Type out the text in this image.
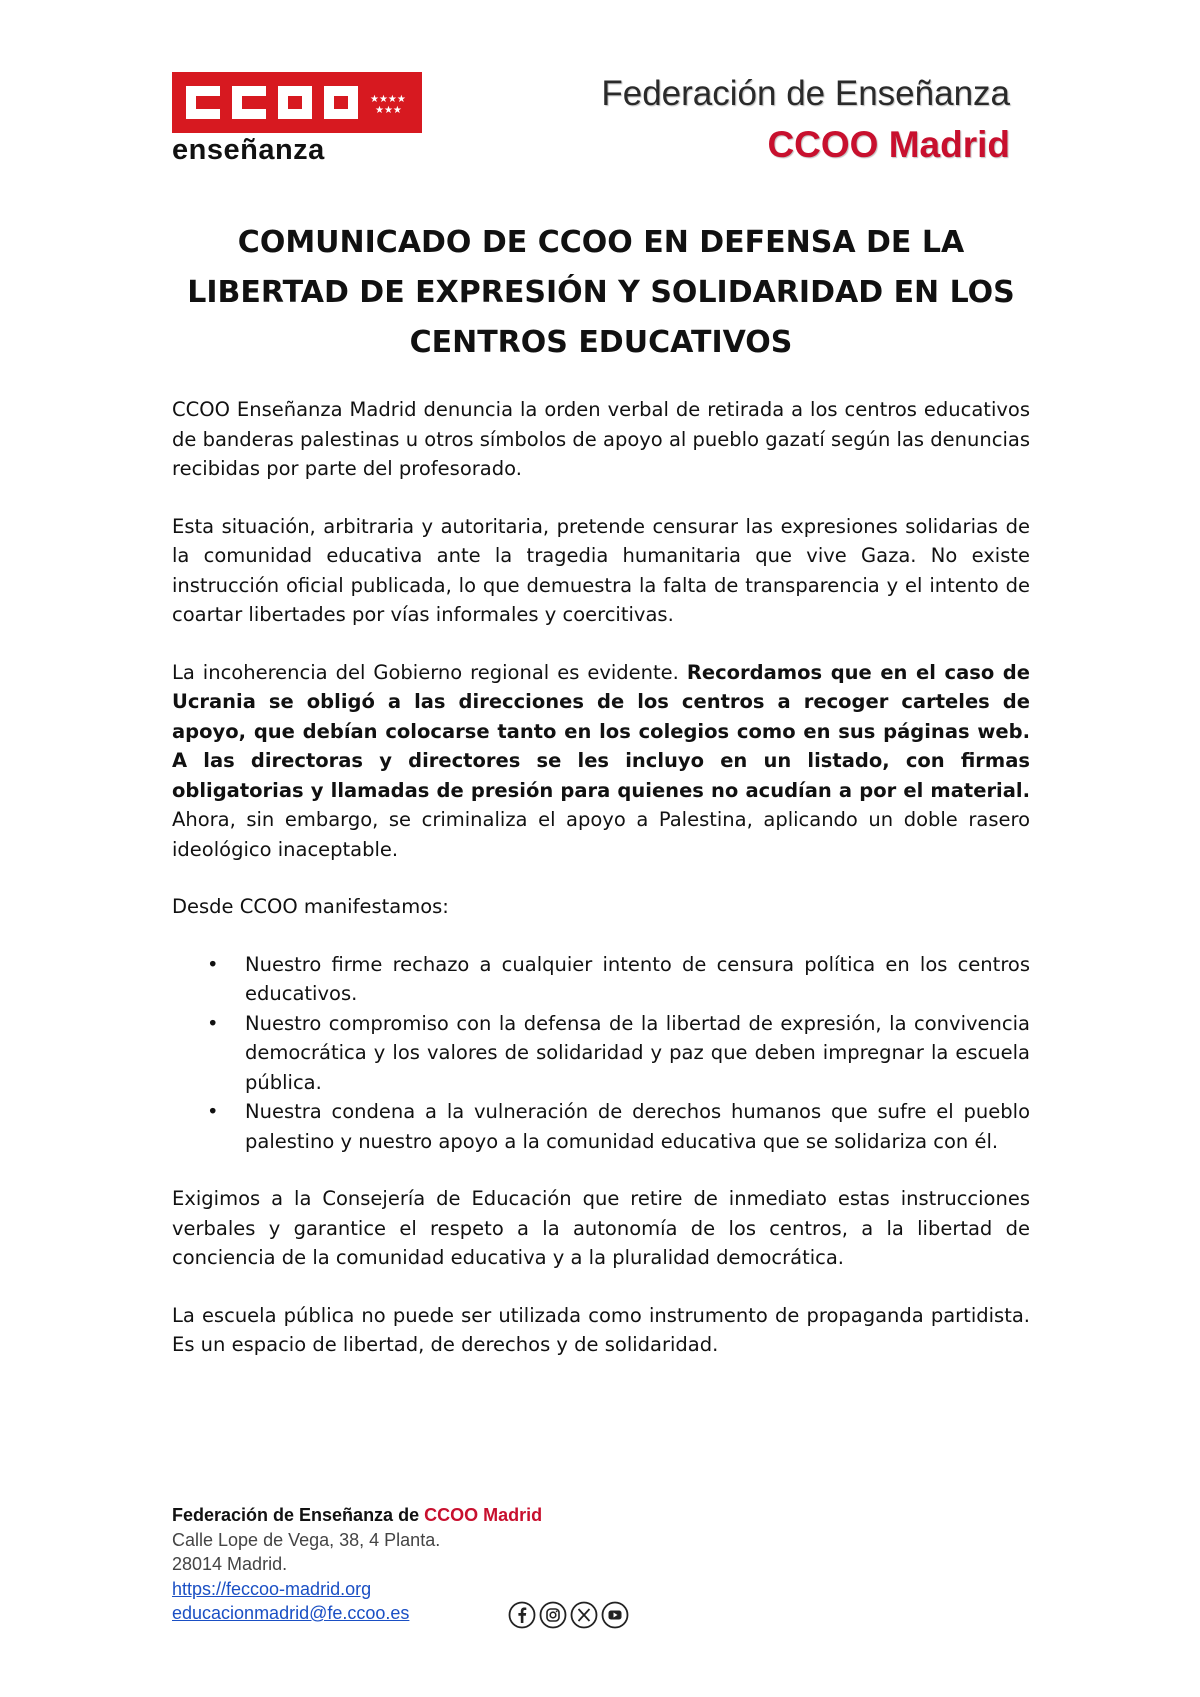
★★★★
★★★
enseñanza
Federación de Enseñanza
CCOO Madrid
COMUNICADO DE CCOO EN DEFENSA DE LA
LIBERTAD DE EXPRESIÓN Y SOLIDARIDAD EN LOS
CENTROS EDUCATIVOS

CCOO Enseñanza Madrid denuncia la orden verbal de retirada a los centros educativos de banderas palestinas u otros símbolos de apoyo al pueblo gazatí según las denuncias recibidas por parte del profesorado.

Esta situación, arbitraria y autoritaria, pretende censurar las expresiones solidarias de la comunidad educativa ante la tragedia humanitaria que vive Gaza. No existe instrucción oficial publicada, lo que demuestra la falta de transparencia y el intento de coartar libertades por vías informales y coercitivas.

La incoherencia del Gobierno regional es evidente. Recordamos que en el caso de Ucrania se obligó a las direcciones de los centros a recoger carteles de apoyo, que debían colocarse tanto en los colegios como en sus páginas web. A las directoras y directores se les incluyo en un listado, con firmas obligatorias y llamadas de presión para quienes no acudían a por el material. Ahora, sin embargo, se criminaliza el apoyo a Palestina, aplicando un doble rasero ideológico inaceptable.

Desde CCOO manifestamos:

• Nuestro firme rechazo a cualquier intento de censura política en los centros educativos.
• Nuestro compromiso con la defensa de la libertad de expresión, la convivencia democrática y los valores de solidaridad y paz que deben impregnar la escuela pública.
• Nuestra condena a la vulneración de derechos humanos que sufre el pueblo palestino y nuestro apoyo a la comunidad educativa que se solidariza con él.

Exigimos a la Consejería de Educación que retire de inmediato estas instrucciones verbales y garantice el respeto a la autonomía de los centros, a la libertad de conciencia de la comunidad educativa y a la pluralidad democrática.

La escuela pública no puede ser utilizada como instrumento de propaganda partidista. Es un espacio de libertad, de derechos y de solidaridad.

Federación de Enseñanza de CCOO Madrid
Calle Lope de Vega, 38, 4 Planta.
28014 Madrid.
https://feccoo-madrid.org
educacionmadrid@fe.ccoo.es
